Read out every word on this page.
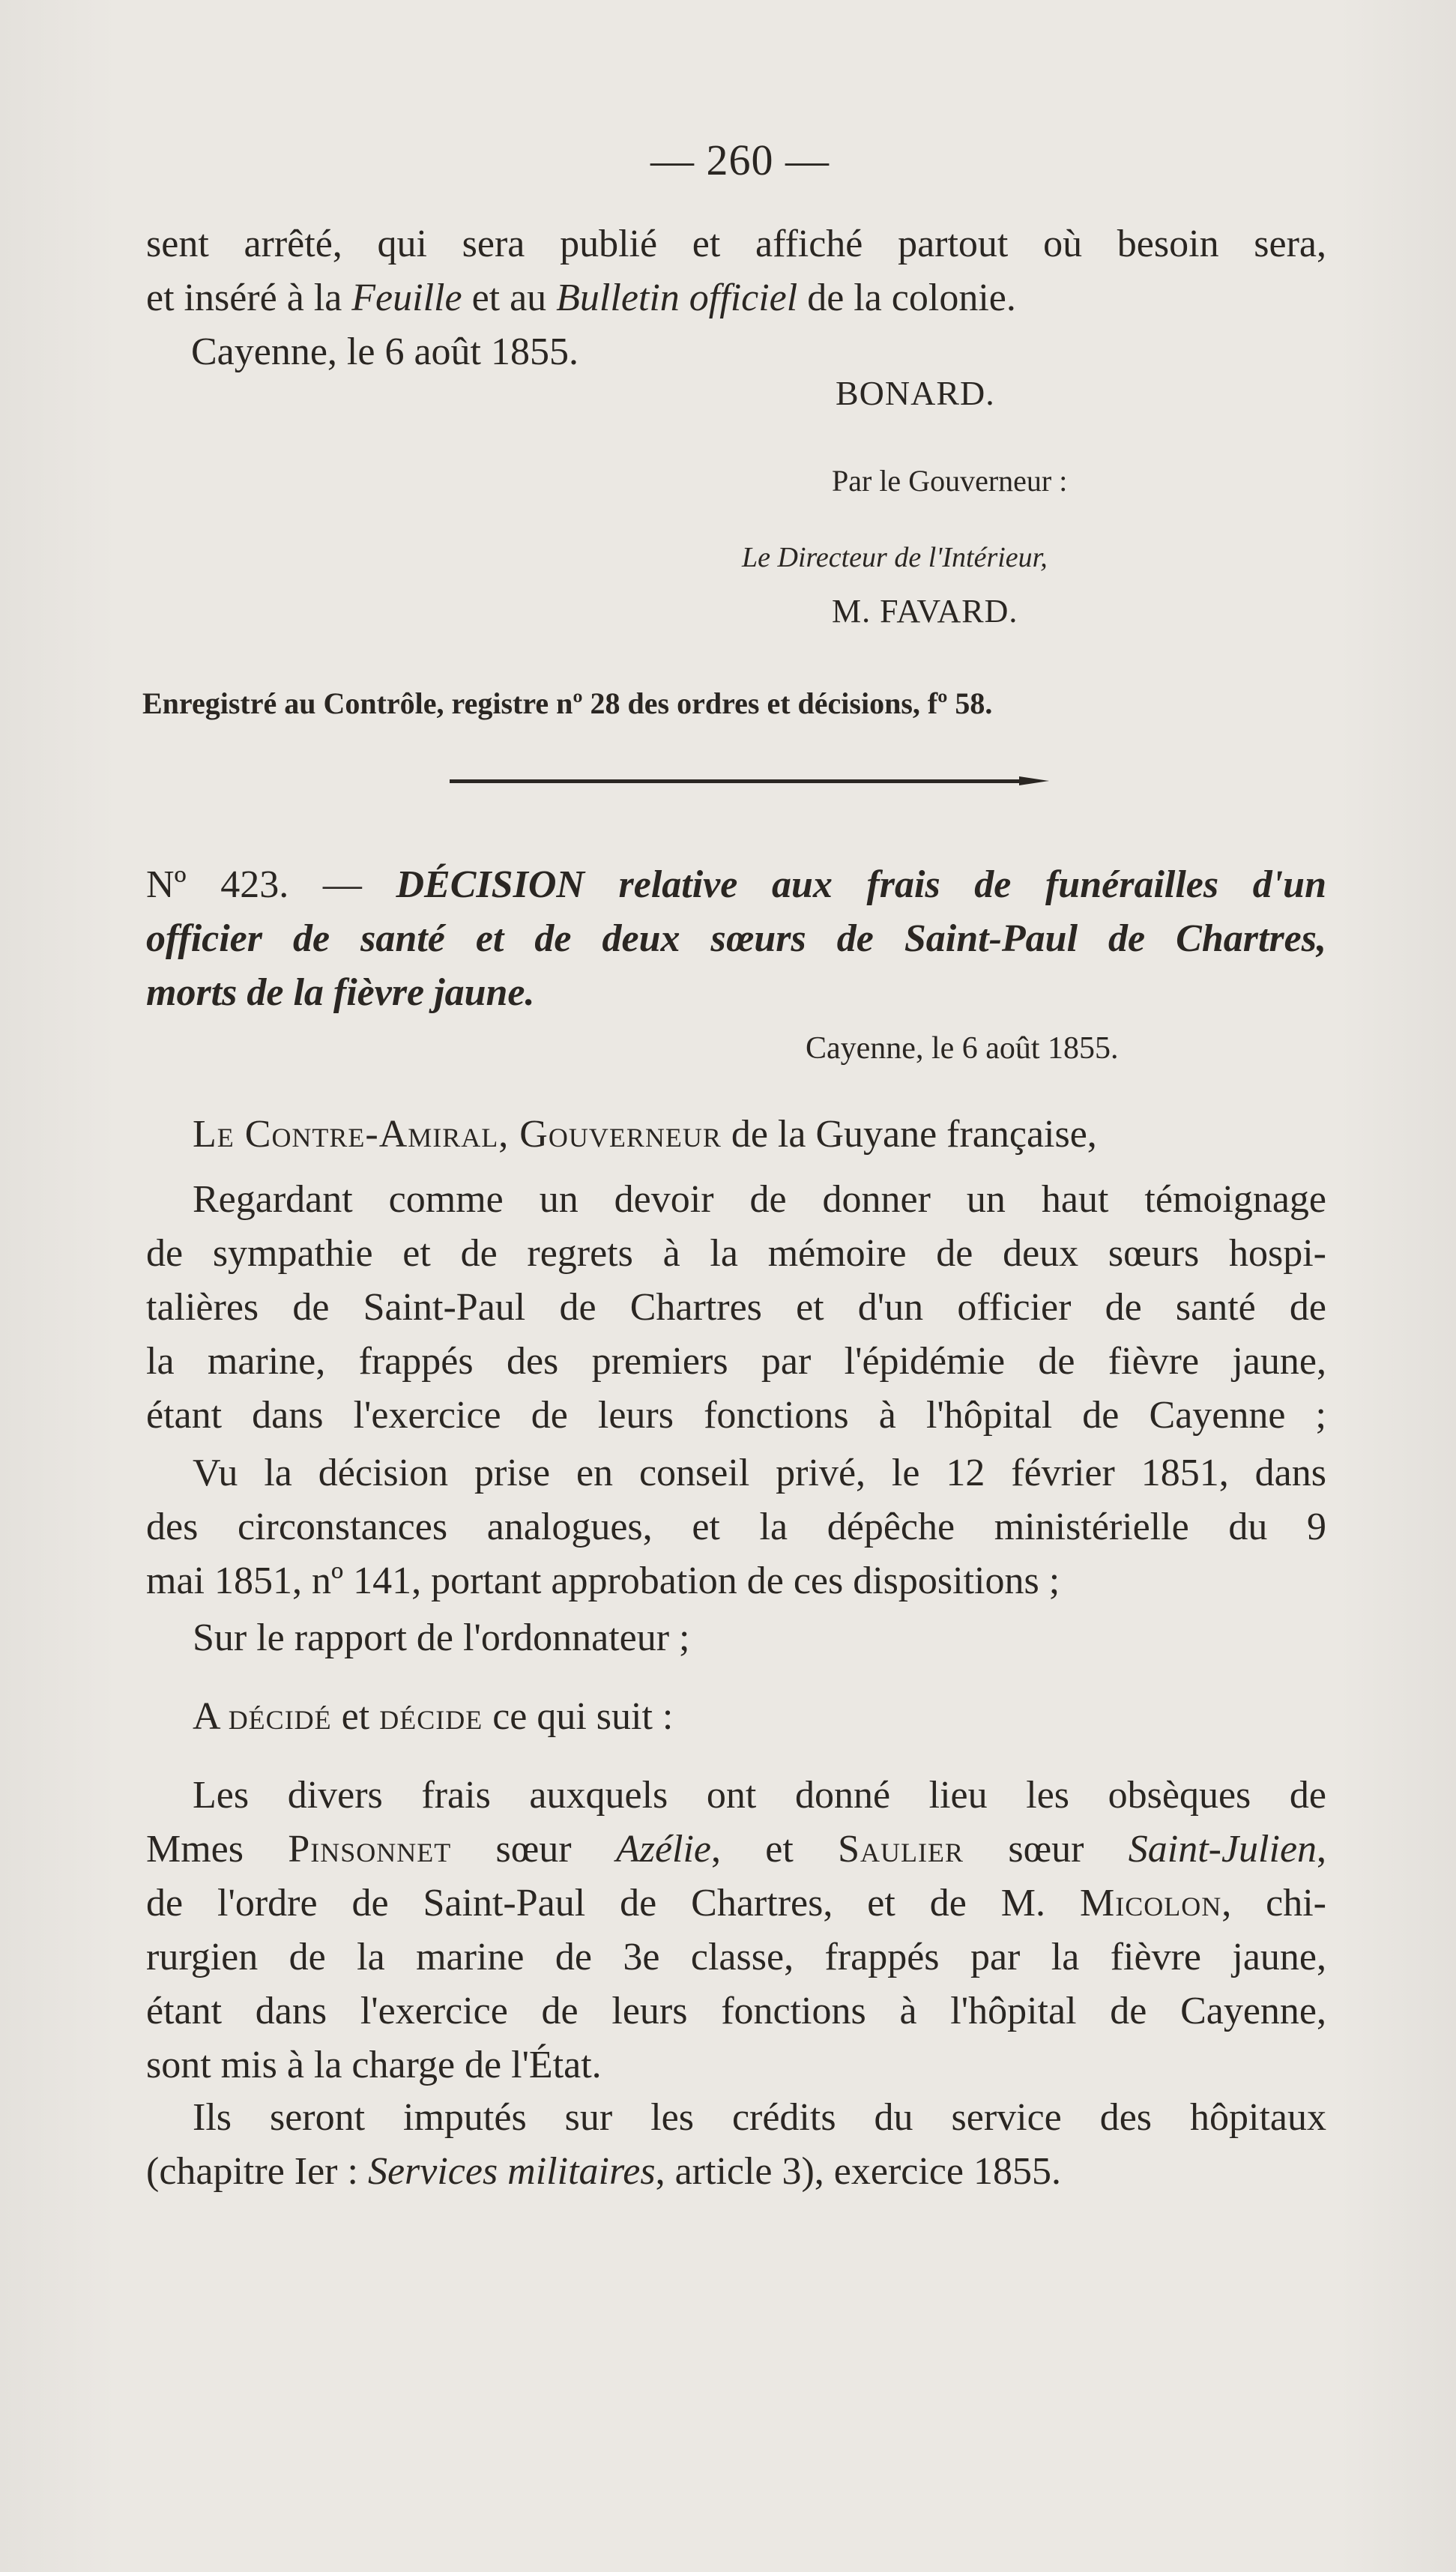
— 260 —
sent arrêté, qui sera publié et affiché partout où besoin sera,
et inséré à la Feuille et au Bulletin officiel de la colonie.
Cayenne, le 6 août 1855.
BONARD.
Par le Gouverneur :
Le Directeur de l'Intérieur,
M. FAVARD.
Enregistré au Contrôle, registre nº 28 des ordres et décisions, fº 58.
Nº 423. — DÉCISION relative aux frais de funérailles d'un
officier de santé et de deux sœurs de Saint-Paul de Chartres,
morts de la fièvre jaune.
Cayenne, le 6 août 1855.
Le Contre-Amiral, Gouverneur de la Guyane française,
Regardant comme un devoir de donner un haut témoignage
de sympathie et de regrets à la mémoire de deux sœurs hospi-
talières de Saint-Paul de Chartres et d'un officier de santé de
la marine, frappés des premiers par l'épidémie de fièvre jaune,
étant dans l'exercice de leurs fonctions à l'hôpital de Cayenne ;
Vu la décision prise en conseil privé, le 12 février 1851, dans
des circonstances analogues, et la dépêche ministérielle du 9
mai 1851, nº 141, portant approbation de ces dispositions ;
Sur le rapport de l'ordonnateur ;
A décidé et décide ce qui suit :
Les divers frais auxquels ont donné lieu les obsèques de
Mmes Pinsonnet sœur Azélie, et Saulier sœur Saint-Julien,
de l'ordre de Saint-Paul de Chartres, et de M. Micolon, chi-
rurgien de la marine de 3e classe, frappés par la fièvre jaune,
étant dans l'exercice de leurs fonctions à l'hôpital de Cayenne,
sont mis à la charge de l'État.
Ils seront imputés sur les crédits du service des hôpitaux
(chapitre Ier : Services militaires, article 3), exercice 1855.
